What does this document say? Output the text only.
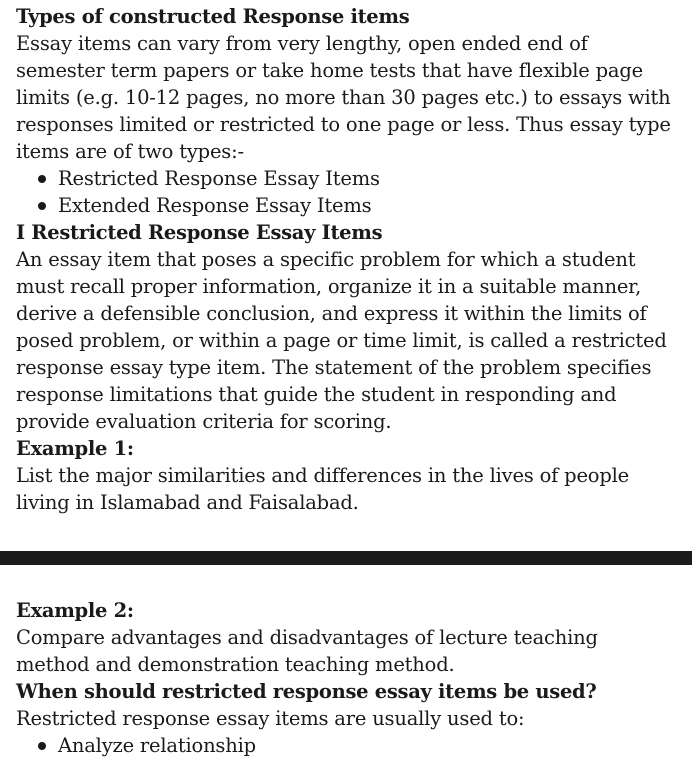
Types of constructed Response items
Essay items can vary from very lengthy, open ended end of
semester term papers or take home tests that have flexible page
limits (e.g. 10-12 pages, no more than 30 pages etc.) to essays with
responses limited or restricted to one page or less. Thus essay type
items are of two types:-
Restricted Response Essay Items
Extended Response Essay Items
I Restricted Response Essay Items
An essay item that poses a specific problem for which a student
must recall proper information, organize it in a suitable manner,
derive a defensible conclusion, and express it within the limits of
posed problem, or within a page or time limit, is called a restricted
response essay type item. The statement of the problem specifies
response limitations that guide the student in responding and
provide evaluation criteria for scoring.
Example 1:
List the major similarities and differences in the lives of people
living in Islamabad and Faisalabad.
Example 2:
Compare advantages and disadvantages of lecture teaching
method and demonstration teaching method.
When should restricted response essay items be used?
Restricted response essay items are usually used to:
Analyze relationship
